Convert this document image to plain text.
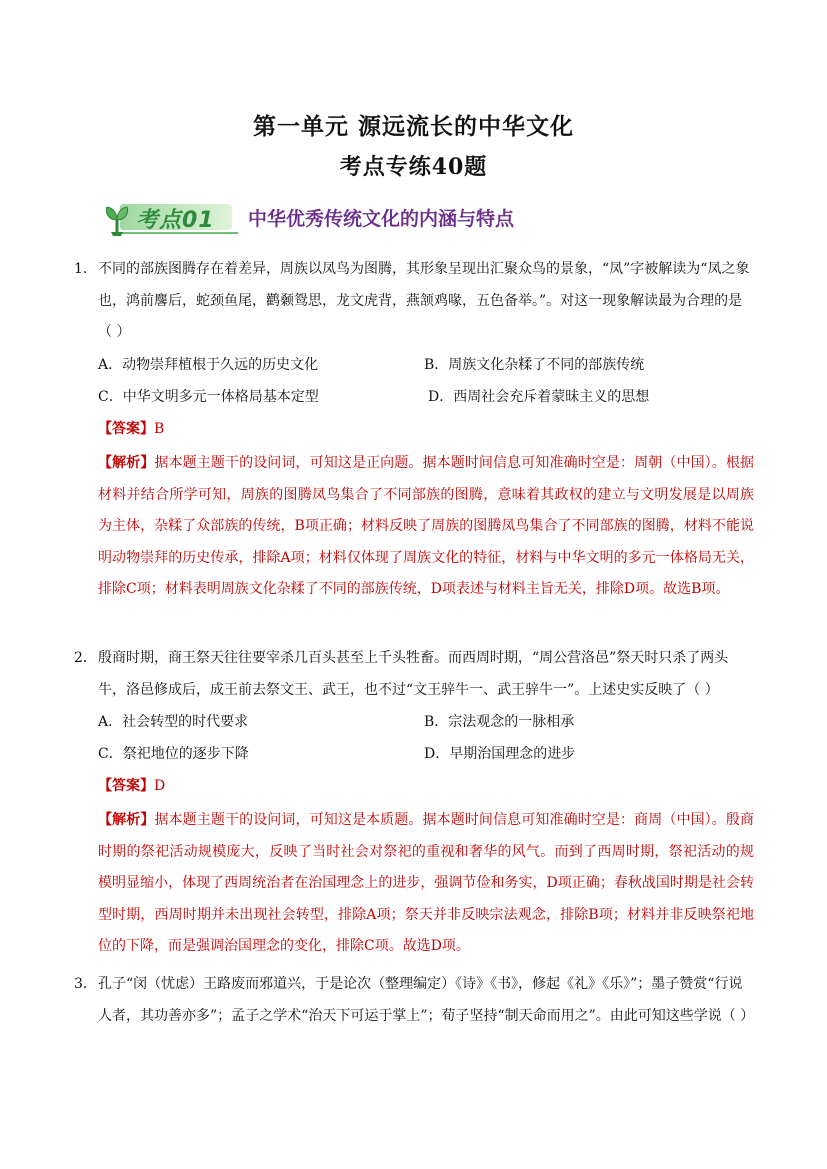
第一单元 源远流长的中华文化
考点专练40题
考点01 中华优秀传统文化的内涵与特点
1． 不同的部族图腾存在着差异，周族以凤鸟为图腾，其形象呈现出汇聚众鸟的景象，“凤”字被解读为“凤之象也，鸿前麐后，蛇颈鱼尾，鹳颡鸳思，龙文虎背，燕颔鸡喙，五色备举。”。对这一现象解读最为合理的是（ ）
A．动物崇拜植根于久远的历史文化	B．周族文化杂糅了不同的部族传统
C．中华文明多元一体格局基本定型	D．西周社会充斥着蒙昧主义的思想
【答案】B
【解析】据本题主题干的设问词，可知这是正向题。据本题时间信息可知准确时空是：周朝（中国）。根据材料并结合所学可知，周族的图腾凤鸟集合了不同部族的图腾，意味着其政权的建立与文明发展是以周族为主体，杂糅了众部族的传统，B项正确；材料反映了周族的图腾凤鸟集合了不同部族的图腾，材料不能说明动物崇拜的历史传承，排除A项；材料仅体现了周族文化的特征，材料与中华文明的多元一体格局无关，排除C项；材料表明周族文化杂糅了不同的部族传统，D项表述与材料主旨无关，排除D项。故选B项。
2． 殷商时期，商王祭天往往要宰杀几百头甚至上千头牲畜。而西周时期，“周公营洛邑”祭天时只杀了两头牛，洛邑修成后，成王前去祭文王、武王，也不过“文王骍牛一、武王骍牛一”。上述史实反映了（ ）
A．社会转型的时代要求	B．宗法观念的一脉相承
C．祭祀地位的逐步下降	D．早期治国理念的进步
【答案】D
【解析】据本题主题干的设问词，可知这是本质题。据本题时间信息可知准确时空是：商周（中国）。殷商时期的祭祀活动规模庞大，反映了当时社会对祭祀的重视和奢华的风气。而到了西周时期，祭祀活动的规模明显缩小，体现了西周统治者在治国理念上的进步，强调节俭和务实，D项正确；春秋战国时期是社会转型时期，西周时期并未出现社会转型，排除A项；祭天并非反映宗法观念，排除B项；材料并非反映祭祀地位的下降，而是强调治国理念的变化，排除C项。故选D项。
3． 孔子“闵（忧虑）王路废而邪道兴，于是论次（整理编定）《诗》《书》，修起《礼》《乐》”；墨子赞赏“行说人者，其功善亦多”；孟子之学术“治天下可运于掌上”；荀子坚持“制天命而用之”。由此可知这些学说（ ）
